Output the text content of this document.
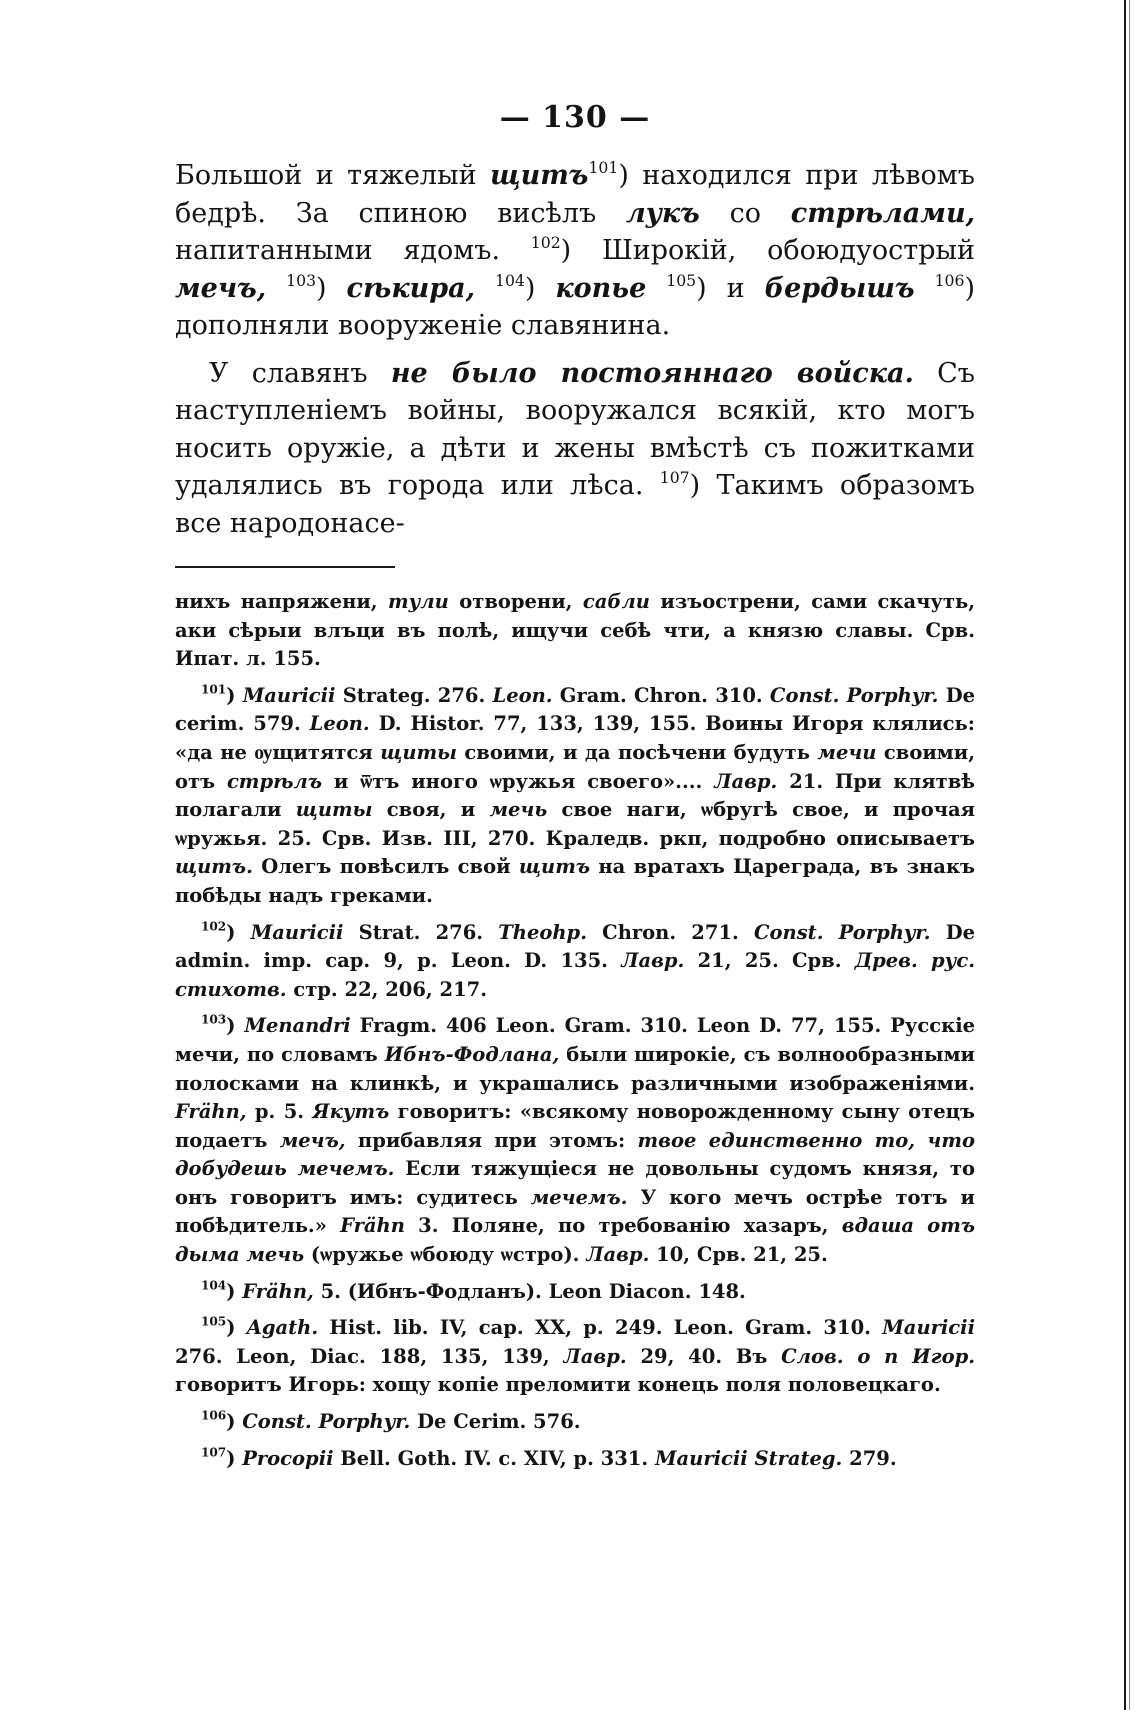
— 130 —

Большой и тяжелый щитъ$^{101}$) находился при лѣвомъ бедрѣ. За спиною висѣлъ лукъ со стрѣлами, напитанными ядомъ. $^{102}$) Широкій, обоюдуострый мечъ, $^{103}$) сѣкира, $^{104}$) копье $^{105}$) и бердышъ $^{106}$) дополняли вооруженіе славянина.

У славянъ не было постояннаго войска. Съ наступленіемъ войны, вооружался всякій, кто могъ носить оружіе, а дѣти и жены вмѣстѣ съ пожитками удалялись въ города или лѣса. $^{107}$) Такимъ образомъ все народонасе-

нихъ напряжени, тули отворени, сабли изъострени, сами скачуть, аки сѣрыи влъци въ полѣ, ищучи себѣ чти, а князю славы. Срв. Ипат. л. 155.

$^{101}$) Mauricii Strateg. 276. Leon. Gram. Chron. 310. Const. Porphyr. De cerim. 579. Leon. D. Histor. 77, 133, 139, 155. Воины Игоря клялись: «да не ѹщитятся щиты своими, и да посѣчени будуть мечи своими, отъ стрѣлъ и ѿтъ иного ѡружья своего».... Лавр. 21. При клятвѣ полагали щиты своя, и мечь свое наги, ѡбругѣ свое, и прочая ѡружья. 25. Срв. Изв. III, 270. Краледв. ркп, подробно описываетъ щитъ. Олегъ повѣсилъ свой щитъ на вратахъ Цареграда, въ знакъ побѣды надъ греками.

$^{102}$) Mauricii Strat. 276. Theohp. Chron. 271. Const. Porphyr. De admin. imp. cap. 9, p. Leon. D. 135. Лавр. 21, 25. Срв. Древ. рус. стихотв. стр. 22, 206, 217.

$^{103}$) Menandri Fragm. 406 Leon. Gram. 310. Leon D. 77, 155. Русскіе мечи, по словамъ Ибнъ-Фодлана, были широкіе, съ волнообразными полосками на клинкѣ, и украшались различными изображеніями. Frähn, p. 5. Якутъ говоритъ: «всякому новорожденному сыну отецъ подаетъ мечъ, прибавляя при этомъ: твое единственно то, что добудешь мечемъ. Если тяжущіеся не довольны судомъ князя, то онъ говоритъ имъ: судитесь мечемъ. У кого мечъ острѣе тотъ и побѣдитель.» Frähn 3. Поляне, по требованію хазаръ, вдаша отъ дыма мечь (ѡружье ѡбоюду ѡстро). Лавр. 10, Срв. 21, 25.

$^{104}$) Frähn, 5. (Ибнъ-Фодланъ). Leon Diacon. 148.

$^{105}$) Agath. Hist. lib. IV, cap. XX, p. 249. Leon. Gram. 310. Mauricii 276. Leon, Diac. 188, 135, 139, Лавр. 29, 40. Въ Слов. о п Игор. говоритъ Игорь: хощу копіе преломити конець поля половецкаго.

$^{106}$) Const. Porphyr. De Cerim. 576.

$^{107}$) Procopii Bell. Goth. IV. c. XIV, p. 331. Mauricii Strateg. 279.
